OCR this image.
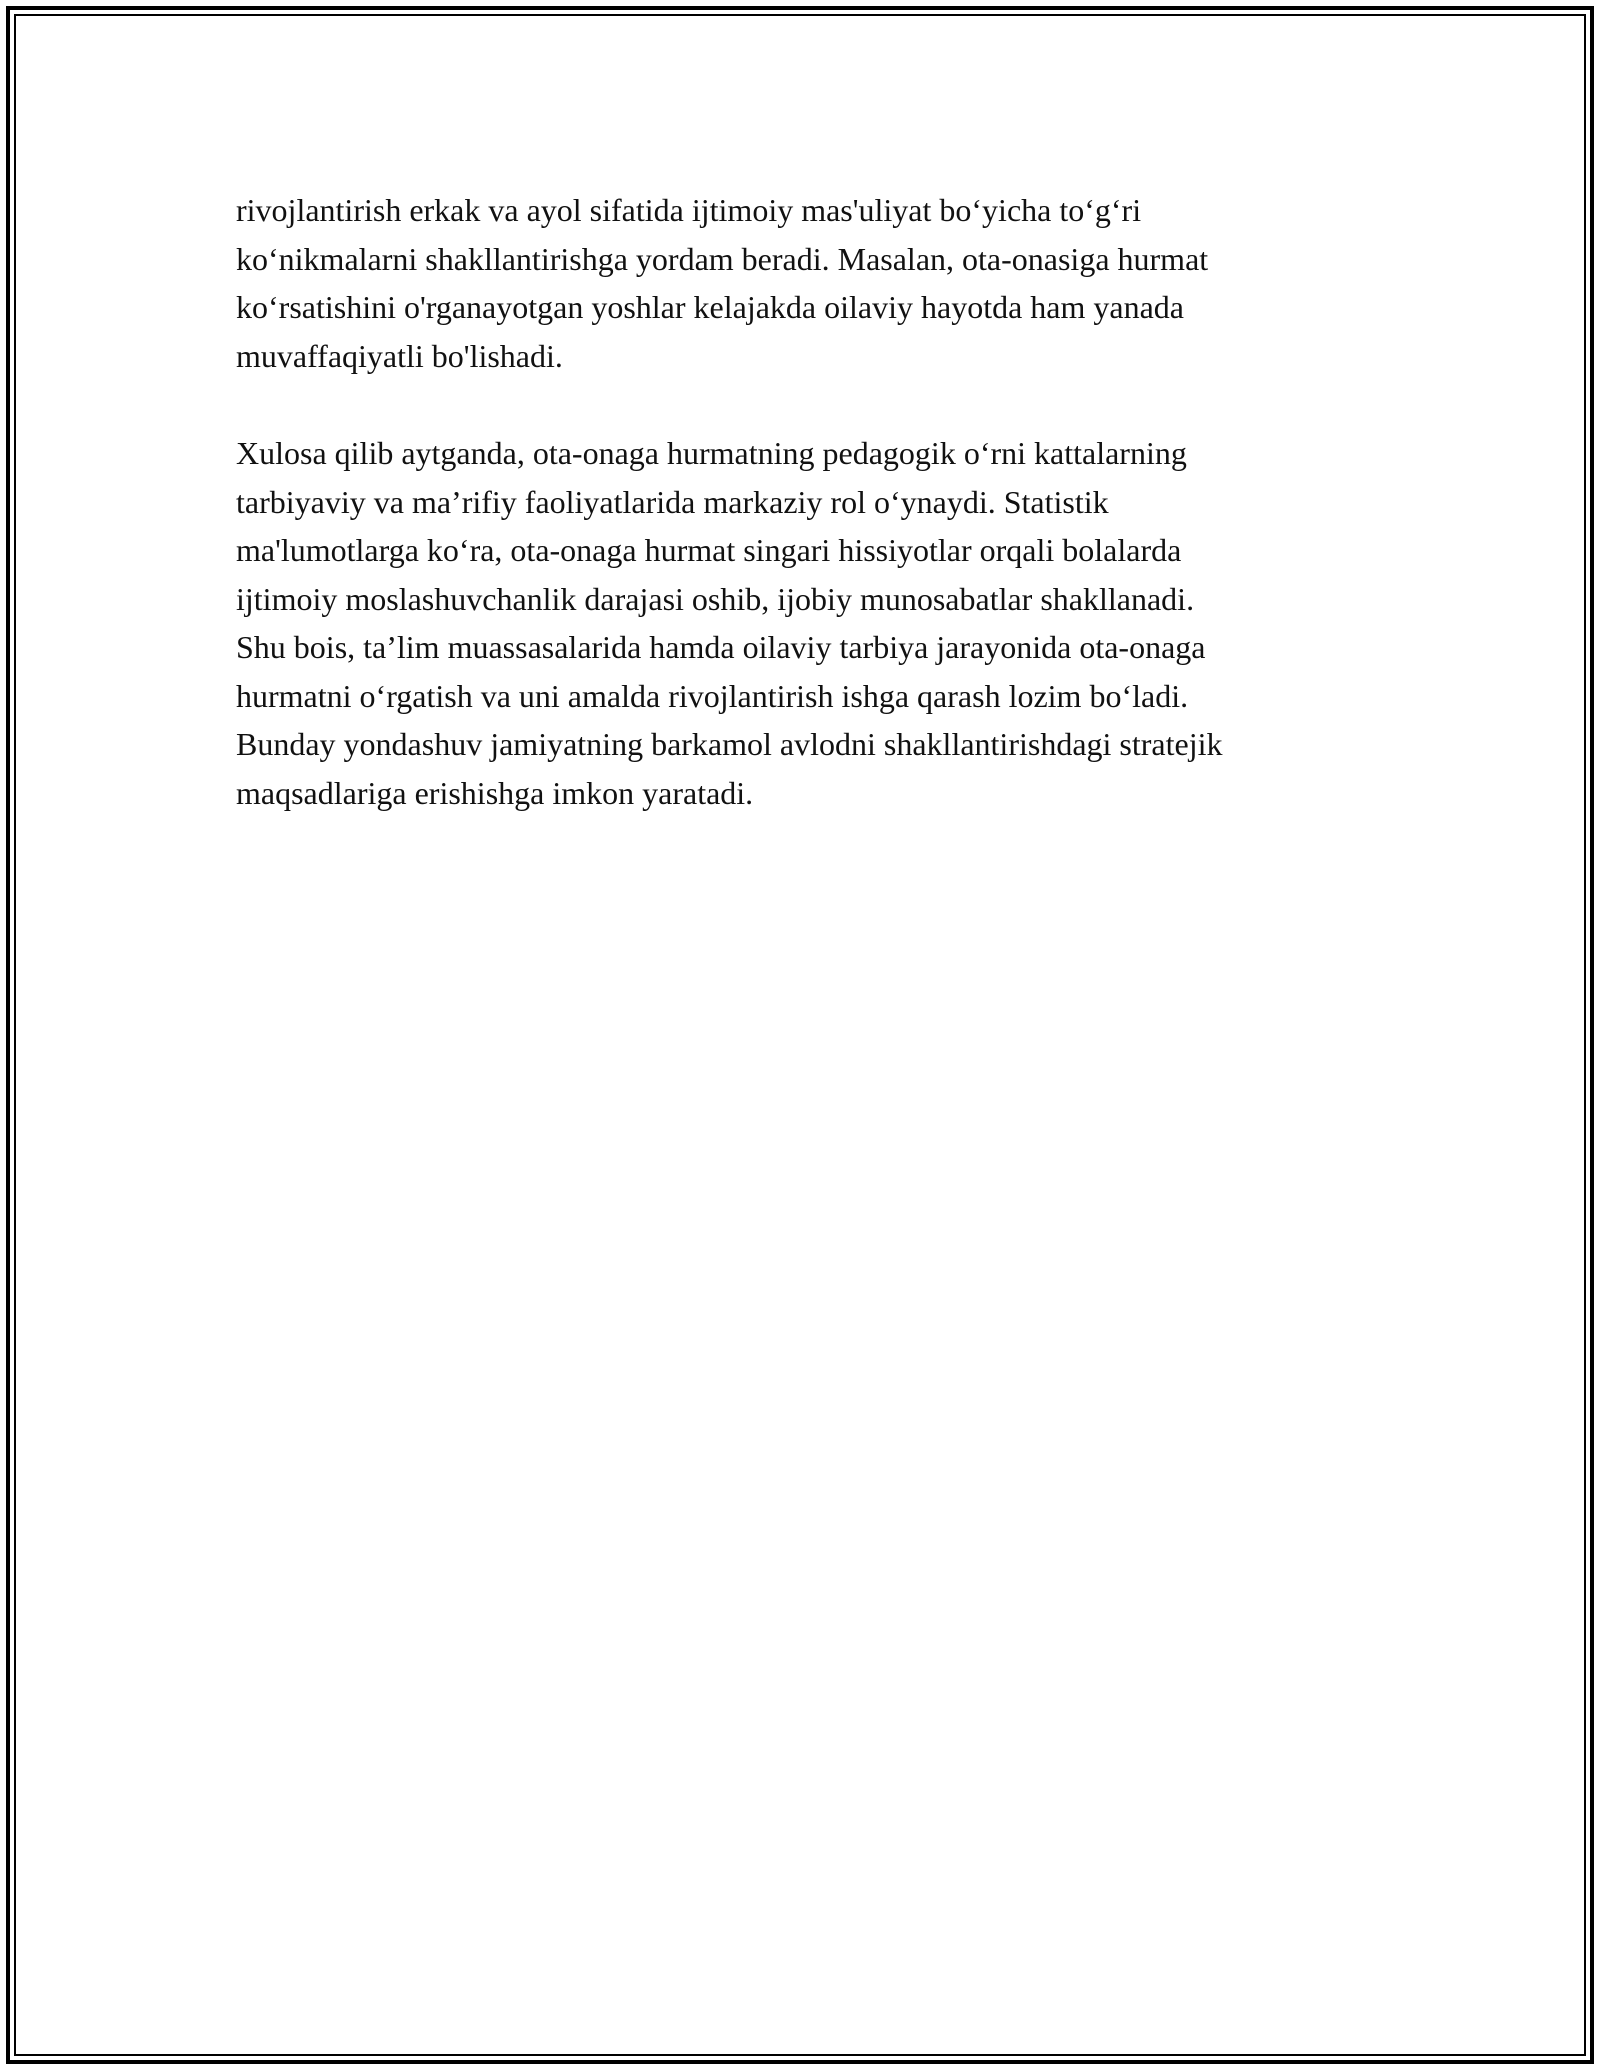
rivojlantirish erkak va ayol sifatida ijtimoiy mas'uliyat bo‘yicha to‘g‘ri
ko‘nikmalarni shakllantirishga yordam beradi. Masalan, ota-onasiga hurmat
ko‘rsatishini o'rganayotgan yoshlar kelajakda oilaviy hayotda ham yanada
muvaffaqiyatli bo'lishadi.

Xulosa qilib aytganda, ota-onaga hurmatning pedagogik o‘rni kattalarning
tarbiyaviy va ma’rifiy faoliyatlarida markaziy rol o‘ynaydi. Statistik
ma'lumotlarga ko‘ra, ota-onaga hurmat singari hissiyotlar orqali bolalarda
ijtimoiy moslashuvchanlik darajasi oshib, ijobiy munosabatlar shakllanadi.
Shu bois, ta’lim muassasalarida hamda oilaviy tarbiya jarayonida ota-onaga
hurmatni o‘rgatish va uni amalda rivojlantirish ishga qarash lozim bo‘ladi.
Bunday yondashuv jamiyatning barkamol avlodni shakllantirishdagi stratejik
maqsadlariga erishishga imkon yaratadi.
